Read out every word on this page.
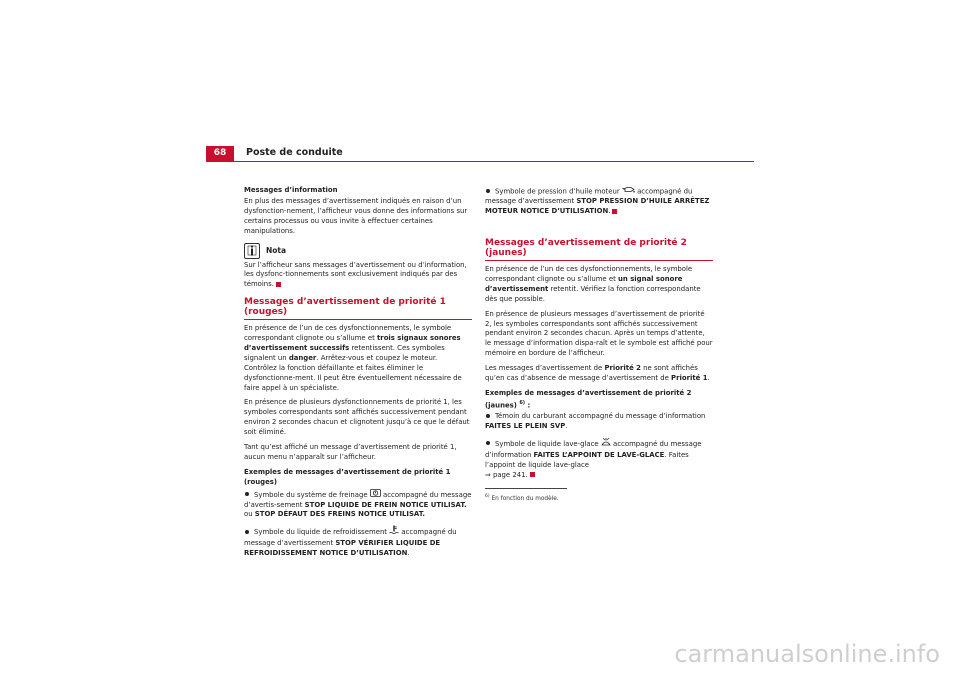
68	Poste de conduite

Messages d’information

En plus des messages d’avertissement indiqués en raison d’un dysfonction-nement, l’afficheur vous donne des informations sur certains processus ou vous invite à effectuer certaines manipulations.

Nota

Sur l’afficheur sans messages d’avertissement ou d’information, les dysfonc-tionnements sont exclusivement indiqués par des témoins.

Messages d’avertissement de priorité 1 (rouges)

En présence de l’un de ces dysfonctionnements, le symbole correspondant clignote ou s’allume et trois signaux sonores d’avertissement successifs retentissent. Ces symboles signalent un danger. Arrêtez-vous et coupez le moteur. Contrôlez la fonction défaillante et faites éliminer le dysfonctionne-ment. Il peut être éventuellement nécessaire de faire appel à un spécialiste.

En présence de plusieurs dysfonctionnements de priorité 1, les symboles correspondants sont affichés successivement pendant environ 2 secondes chacun et clignotent jusqu’à ce que le défaut soit éliminé.

Tant qu’est affiché un message d’avertissement de priorité 1, aucun menu n’apparaît sur l’afficheur.

Exemples de messages d’avertissement de priorité 1 (rouges)

Symbole du système de freinage  accompagné du message d’avertis-sement STOP LIQUIDE DE FREIN NOTICE UTILISAT. ou STOP DÉFAUT DES FREINS NOTICE UTILISAT.

Symbole du liquide de refroidissement  accompagné du message d’avertissement STOP VÉRIFIER LIQUIDE DE REFROIDISSEMENT NOTICE D’UTILISATION.

Symbole de pression d’huile moteur  accompagné du message d’avertissement STOP PRESSION D’HUILE ARRÊTEZ MOTEUR NOTICE D’UTILISATION.

Messages d’avertissement de priorité 2 (jaunes)

En présence de l’un de ces dysfonctionnements, le symbole correspondant clignote ou s’allume et un signal sonore d’avertissement retentit. Vérifiez la fonction correspondante dès que possible.

En présence de plusieurs messages d’avertissement de priorité 2, les symboles correspondants sont affichés successivement pendant environ 2 secondes chacun. Après un temps d’attente, le message d’information dispa-raît et le symbole est affiché pour mémoire en bordure de l’afficheur.

Les messages d’avertissement de Priorité 2 ne sont affichés qu’en cas d’absence de message d’avertissement de Priorité 1.

Exemples de messages d’avertissement de priorité 2 (jaunes) $^{6)}$ :

Témoin du carburant accompagné du message d’information FAITES LE PLEIN SVP.

Symbole de liquide lave-glace  accompagné du message d’information FAITES L’APPOINT DE LAVE-GLACE. Faites l’appoint de liquide lave-glace
⇒ page 241.

$^{6)}$ En fonction du modèle.
carmanualsonline.info
